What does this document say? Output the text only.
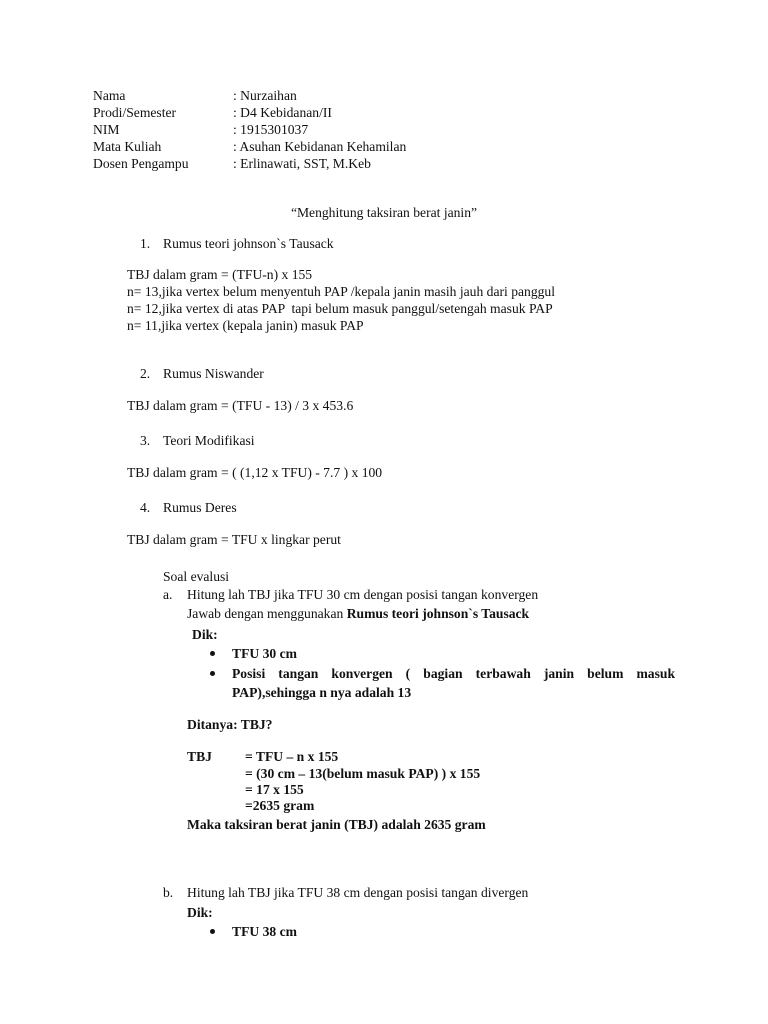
Nama	: Nurzaihan
Prodi/Semester	: D4 Kebidanan/II
NIM	: 1915301037
Mata Kuliah	: Asuhan Kebidanan Kehamilan
Dosen Pengampu	: Erlinawati, SST, M.Keb
“Menghitung taksiran berat janin”
1. Rumus teori johnson`s Tausack
TBJ dalam gram = (TFU-n) x 155
n= 13,jika vertex belum menyentuh PAP /kepala janin masih jauh dari panggul
n= 12,jika vertex di atas PAP  tapi belum masuk panggul/setengah masuk PAP
n= 11,jika vertex (kepala janin) masuk PAP
2. Rumus Niswander
TBJ dalam gram = (TFU - 13) / 3 x 453.6
3. Teori Modifikasi
TBJ dalam gram = ( (1,12 x TFU) - 7.7 ) x 100
4. Rumus Deres
TBJ dalam gram = TFU x lingkar perut
Soal evalusi
a. Hitung lah TBJ jika TFU 30 cm dengan posisi tangan konvergen
Jawab dengan menggunakan Rumus teori johnson`s Tausack
Dik:
TFU 30 cm
Posisi tangan konvergen ( bagian terbawah janin belum masuk
PAP),sehingga n nya adalah 13
Ditanya: TBJ?
TBJ = TFU – n x 155
= (30 cm – 13(belum masuk PAP) ) x 155
= 17 x 155
=2635 gram
Maka taksiran berat janin (TBJ) adalah 2635 gram
b. Hitung lah TBJ jika TFU 38 cm dengan posisi tangan divergen
Dik:
TFU 38 cm
